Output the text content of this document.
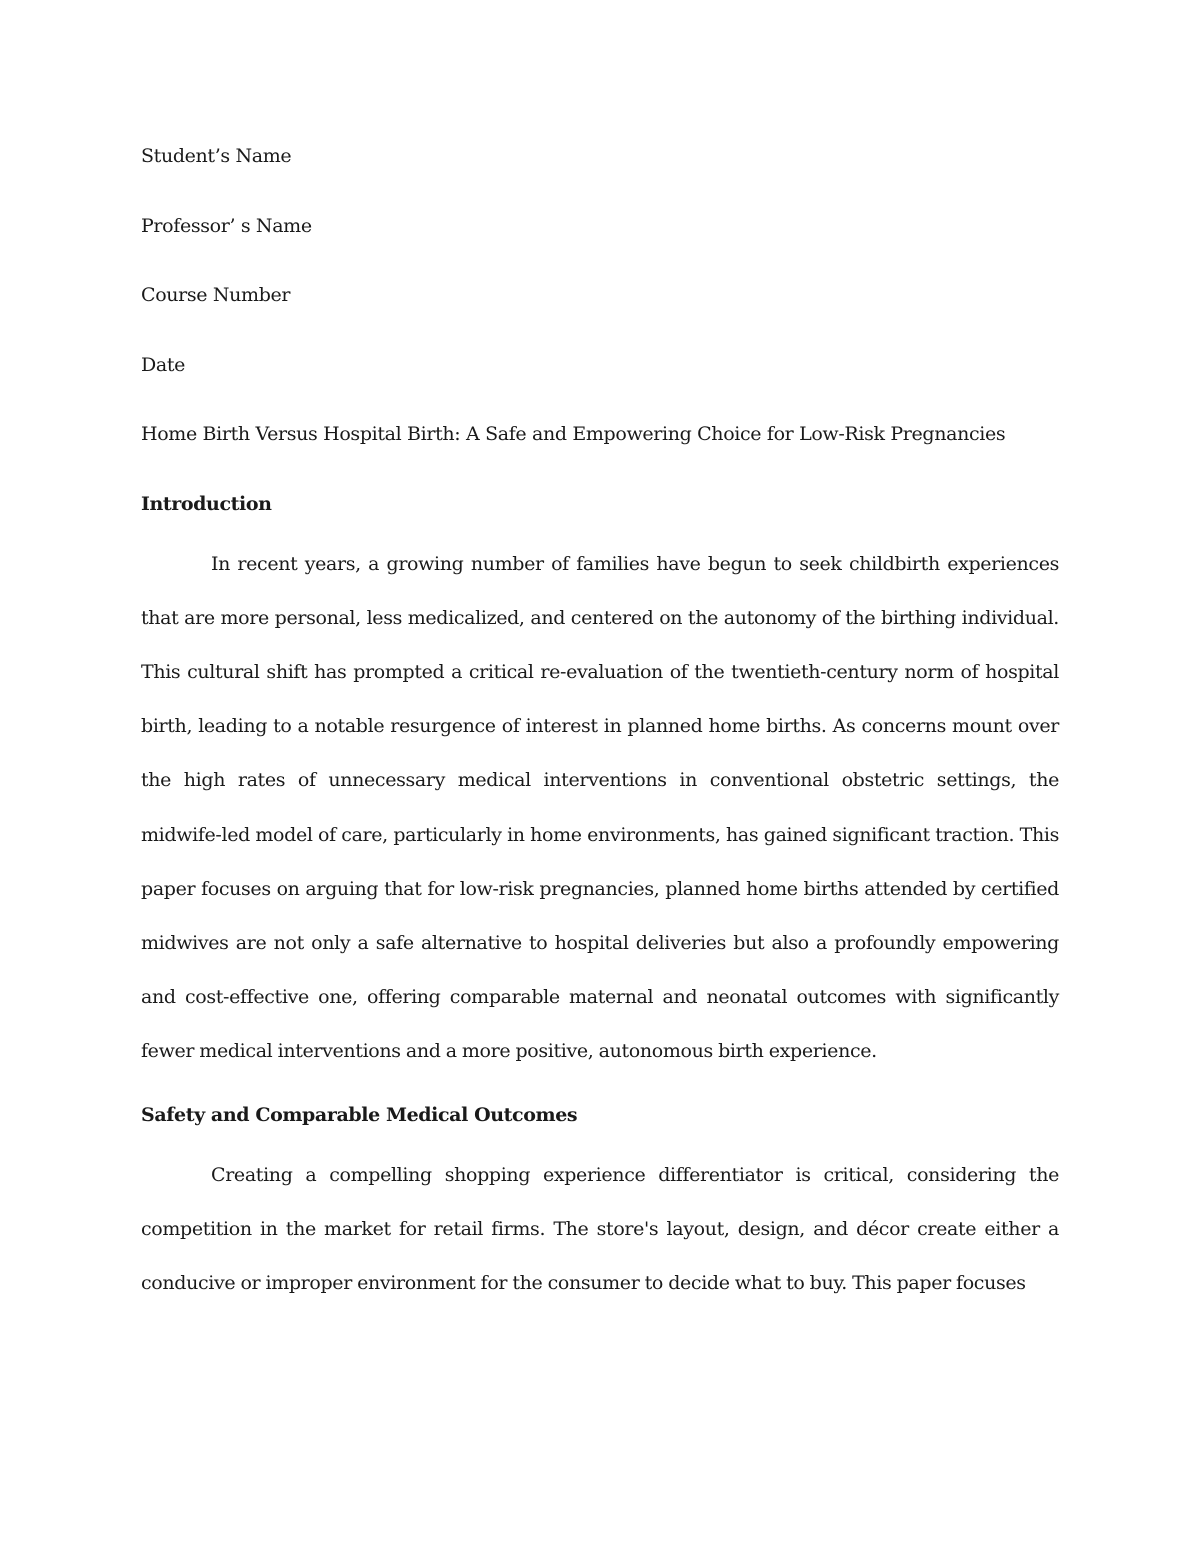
Student’s Name
Professor’ s Name
Course Number
Date
Home Birth Versus Hospital Birth: A Safe and Empowering Choice for Low-Risk Pregnancies
Introduction

In recent years, a growing number of families have begun to seek childbirth experiences that are more personal, less medicalized, and centered on the autonomy of the birthing individual. This cultural shift has prompted a critical re-evaluation of the twentieth-century norm of hospital birth, leading to a notable resurgence of interest in planned home births. As concerns mount over the high rates of unnecessary medical interventions in conventional obstetric settings, the midwife-led model of care, particularly in home environments, has gained significant traction. This paper focuses on arguing that for low-risk pregnancies, planned home births attended by certified midwives are not only a safe alternative to hospital deliveries but also a profoundly empowering and cost-effective one, offering comparable maternal and neonatal outcomes with significantly fewer medical interventions and a more positive, autonomous birth experience.

Safety and Comparable Medical Outcomes

Creating a compelling shopping experience differentiator is critical, considering the competition in the market for retail firms. The store's layout, design, and décor create either a conducive or improper environment for the consumer to decide what to buy. This paper focuses
